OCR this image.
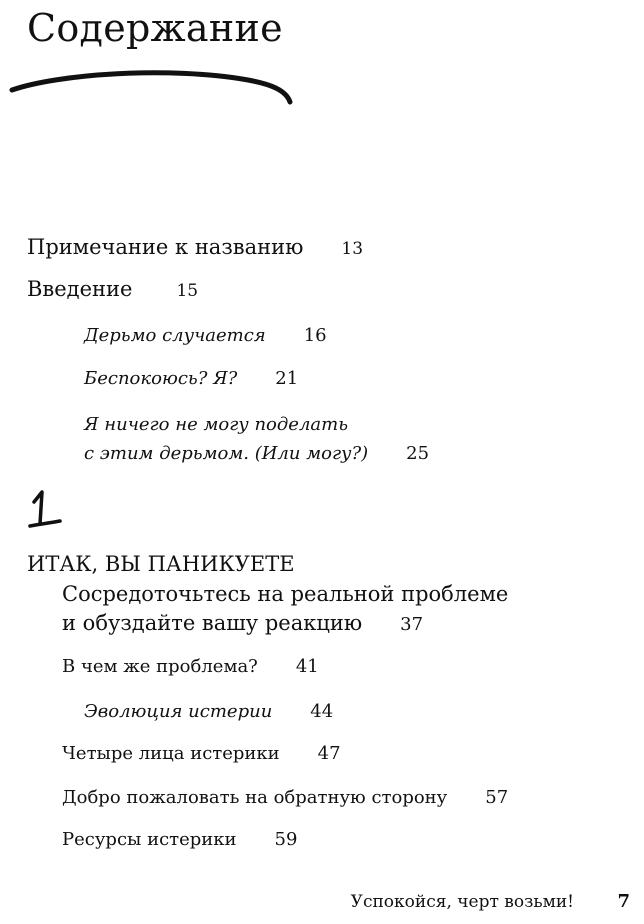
Содержание
Примечание к названию 13
Введение	15
Дерьмо случается 16
Беспокоюсь? Я? 21
Я ничего не могу поделать
с этим дерьмом. (Или могу?) 25
1
ИТАК, ВЫ ПАНИКУЕТЕ
Сосредоточьтесь на реальной проблеме
и обуздайте вашу реакцию 37
В чем же проблема? 41
Эволюция истерии 44
Четыре лица истерики 47
Добро пожаловать на обратную сторону 57
Ресурсы истерики 59
Успокойся, черт возьми! 7
